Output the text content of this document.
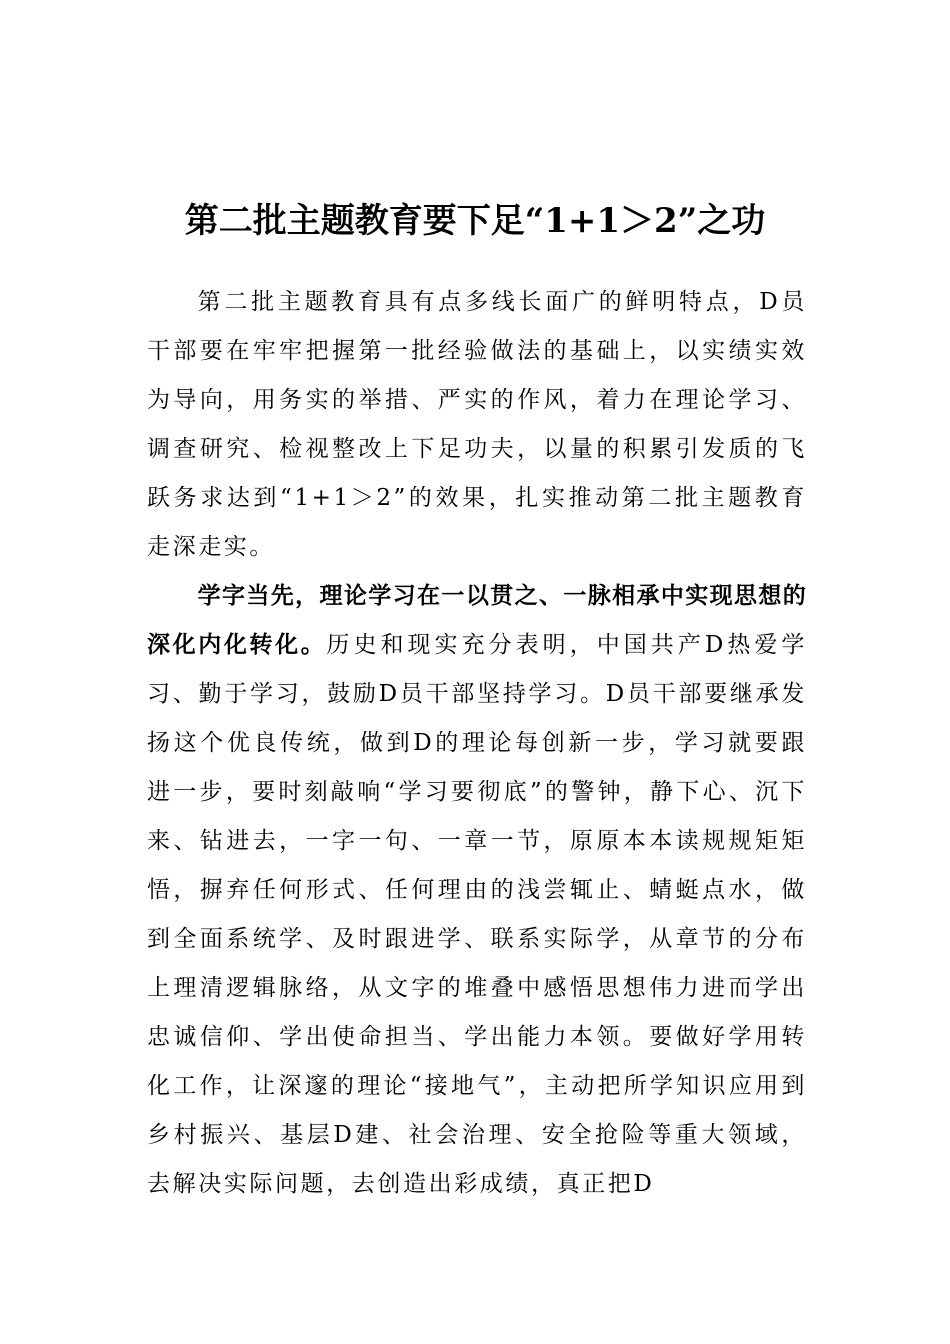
第二批主题教育要下足“1+1＞2”之功

第二批主题教育具有点多线长面广的鲜明特点，D员干部要在牢牢把握第一批经验做法的基础上，以实绩实效为导向，用务实的举措、严实的作风，着力在理论学习、调查研究、检视整改上下足功夫，以量的积累引发质的飞跃务求达到“1+1＞2”的效果，扎实推动第二批主题教育走深走实。

学字当先，理论学习在一以贯之、一脉相承中实现思想的深化内化转化。历史和现实充分表明，中国共产D热爱学习、勤于学习，鼓励D员干部坚持学习。D员干部要继承发扬这个优良传统，做到D的理论每创新一步，学习就要跟进一步，要时刻敲响“学习要彻底”的警钟，静下心、沉下来、钻进去，一字一句、一章一节，原原本本读规规矩矩悟，摒弃任何形式、任何理由的浅尝辄止、蜻蜓点水，做到全面系统学、及时跟进学、联系实际学，从章节的分布上理清逻辑脉络，从文字的堆叠中感悟思想伟力进而学出忠诚信仰、学出使命担当、学出能力本领。要做好学用转化工作，让深邃的理论“接地气”，主动把所学知识应用到乡村振兴、基层D建、社会治理、安全抢险等重大领域，去解决实际问题，去创造出彩成绩，真正把D
